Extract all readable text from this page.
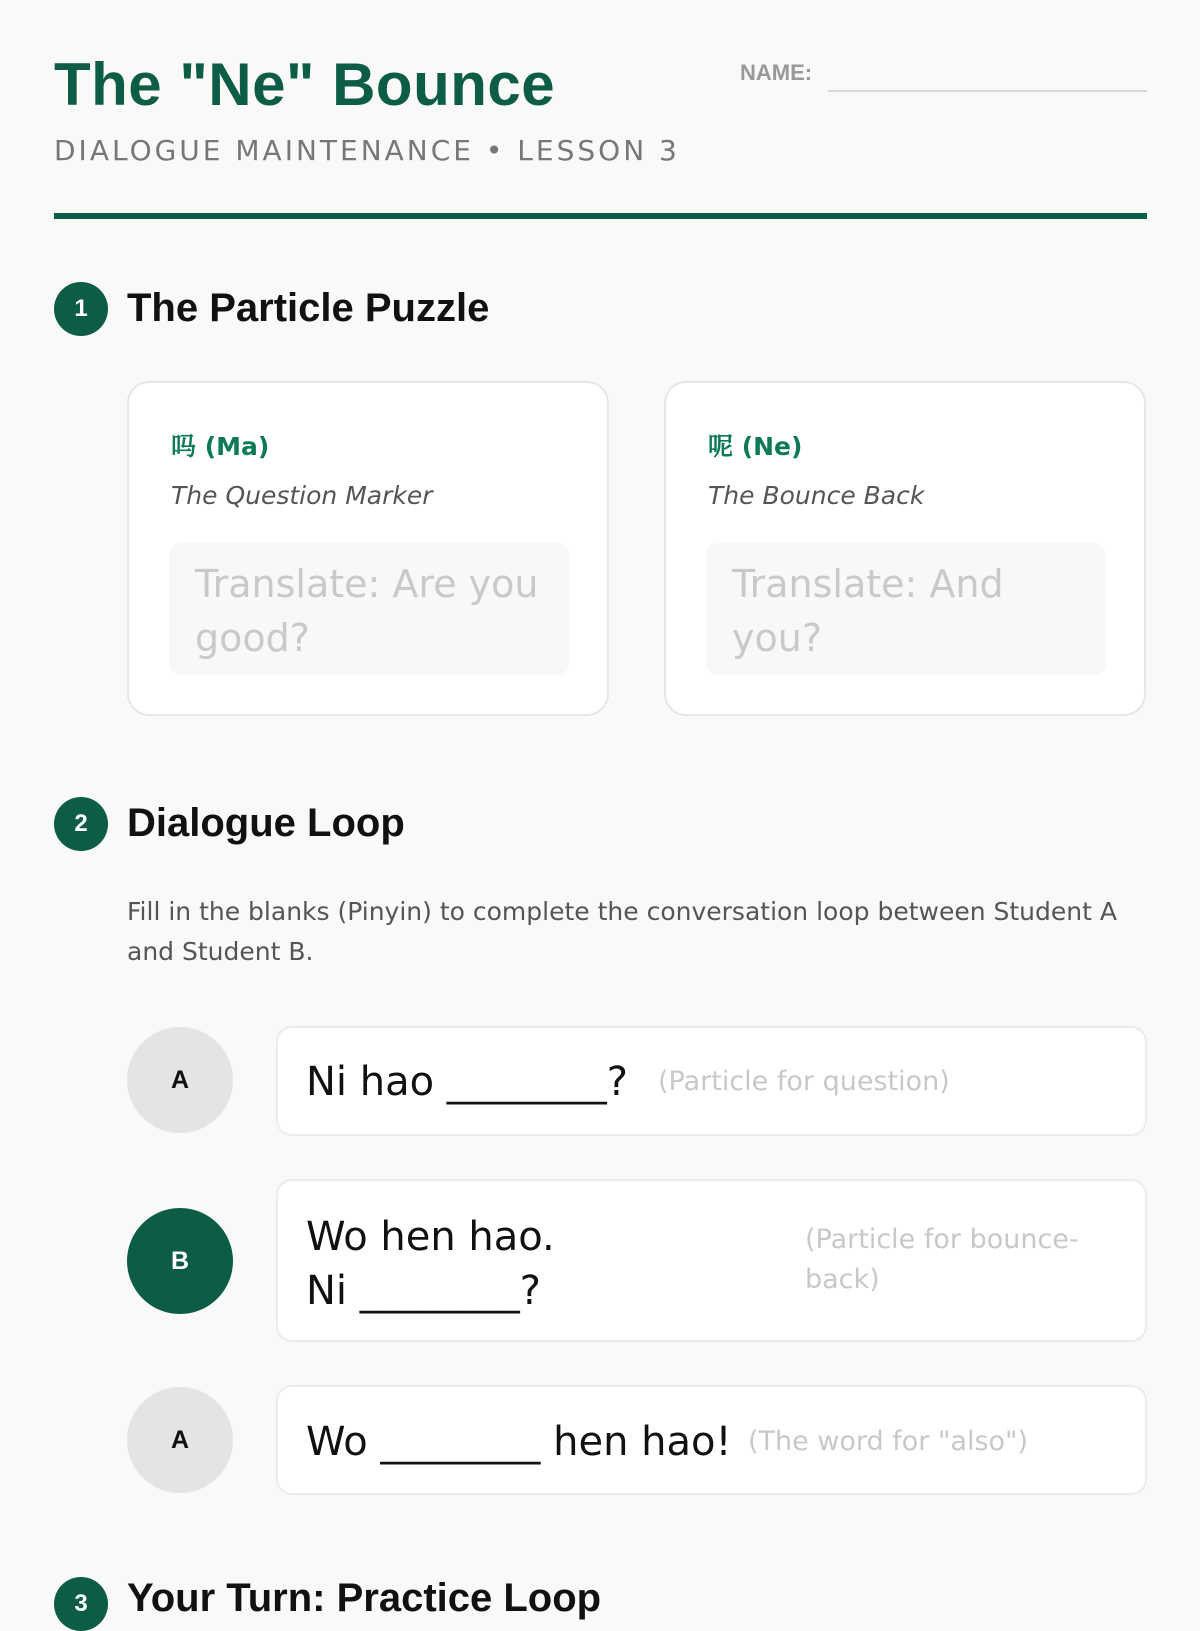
The "Ne" Bounce
DIALOGUE MAINTENANCE • LESSON 3
NAME:
1 The Particle Puzzle
吗 (Ma)
The Question Marker
Translate: Are you good?
呢 (Ne)
The Bounce Back
Translate: And you?
2 Dialogue Loop
Fill in the blanks (Pinyin) to complete the conversation loop between Student A and Student B.
A	Ni hao ________? (Particle for question)
B
Wo hen hao. Ni ________?
(Particle for bounce-back)
A	Wo ________ hen hao! (The word for "also")
3 Your Turn: Practice Loop
